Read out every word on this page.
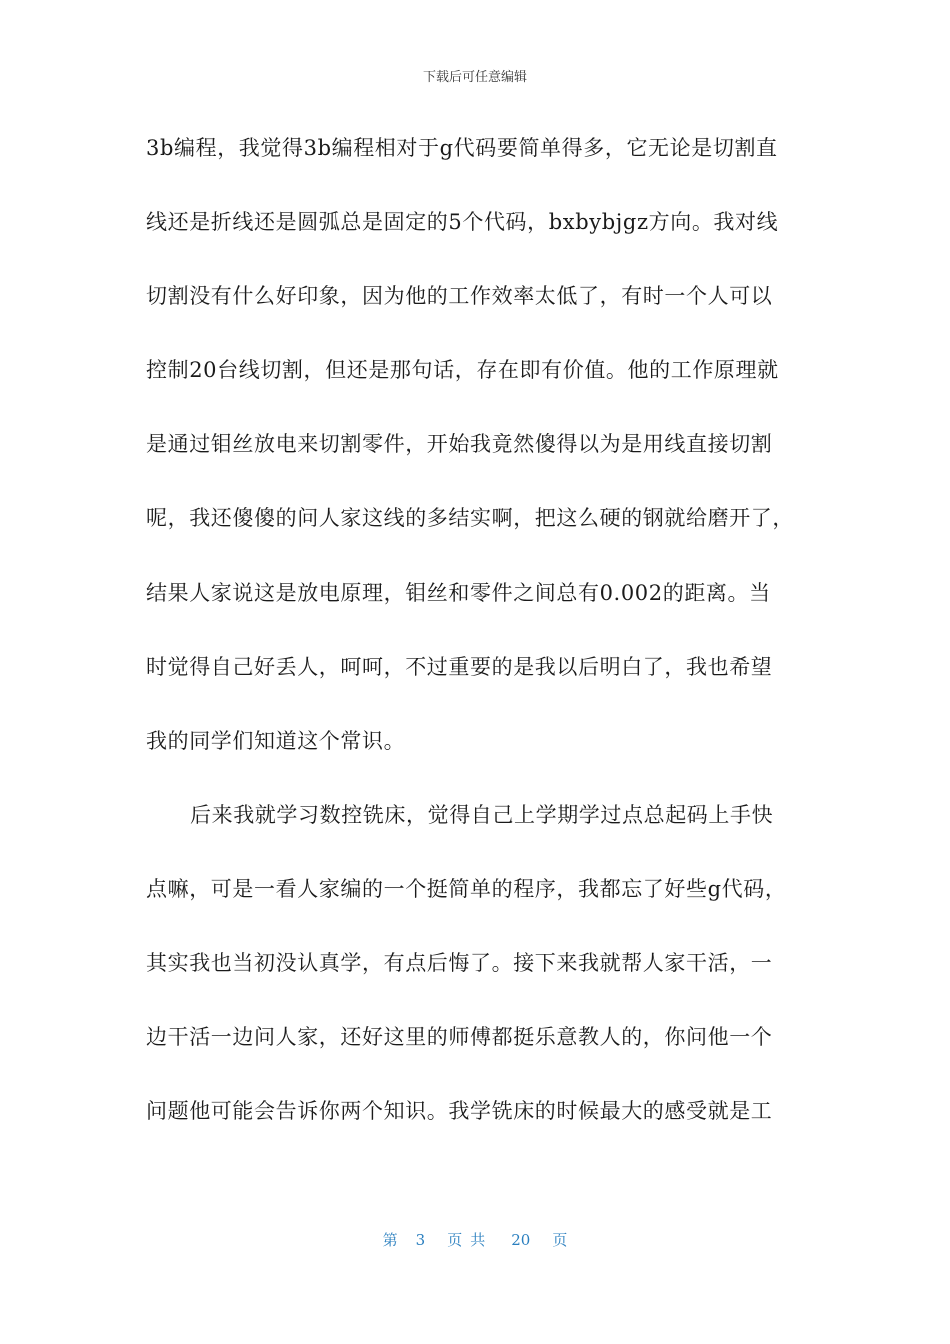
下载后可任意编辑
3b编程，我觉得3b编程相对于g代码要简单得多，它无论是切割直
线还是折线还是圆弧总是固定的5个代码，bxbybjgz方向。我对线
切割没有什么好印象，因为他的工作效率太低了，有时一个人可以
控制20台线切割，但还是那句话，存在即有价值。他的工作原理就
是通过钼丝放电来切割零件，开始我竟然傻得以为是用线直接切割
呢，我还傻傻的问人家这线的多结实啊，把这么硬的钢就给磨开了，
结果人家说这是放电原理，钼丝和零件之间总有0.002的距离。当
时觉得自己好丢人，呵呵，不过重要的是我以后明白了，我也希望
我的同学们知道这个常识。
后来我就学习数控铣床，觉得自己上学期学过点总起码上手快
点嘛，可是一看人家编的一个挺简单的程序，我都忘了好些g代码，
其实我也当初没认真学，有点后悔了。接下来我就帮人家干活，一
边干活一边问人家，还好这里的师傅都挺乐意教人的，你问他一个
问题他可能会告诉你两个知识。我学铣床的时候最大的感受就是工
第 3 页共 20 页
